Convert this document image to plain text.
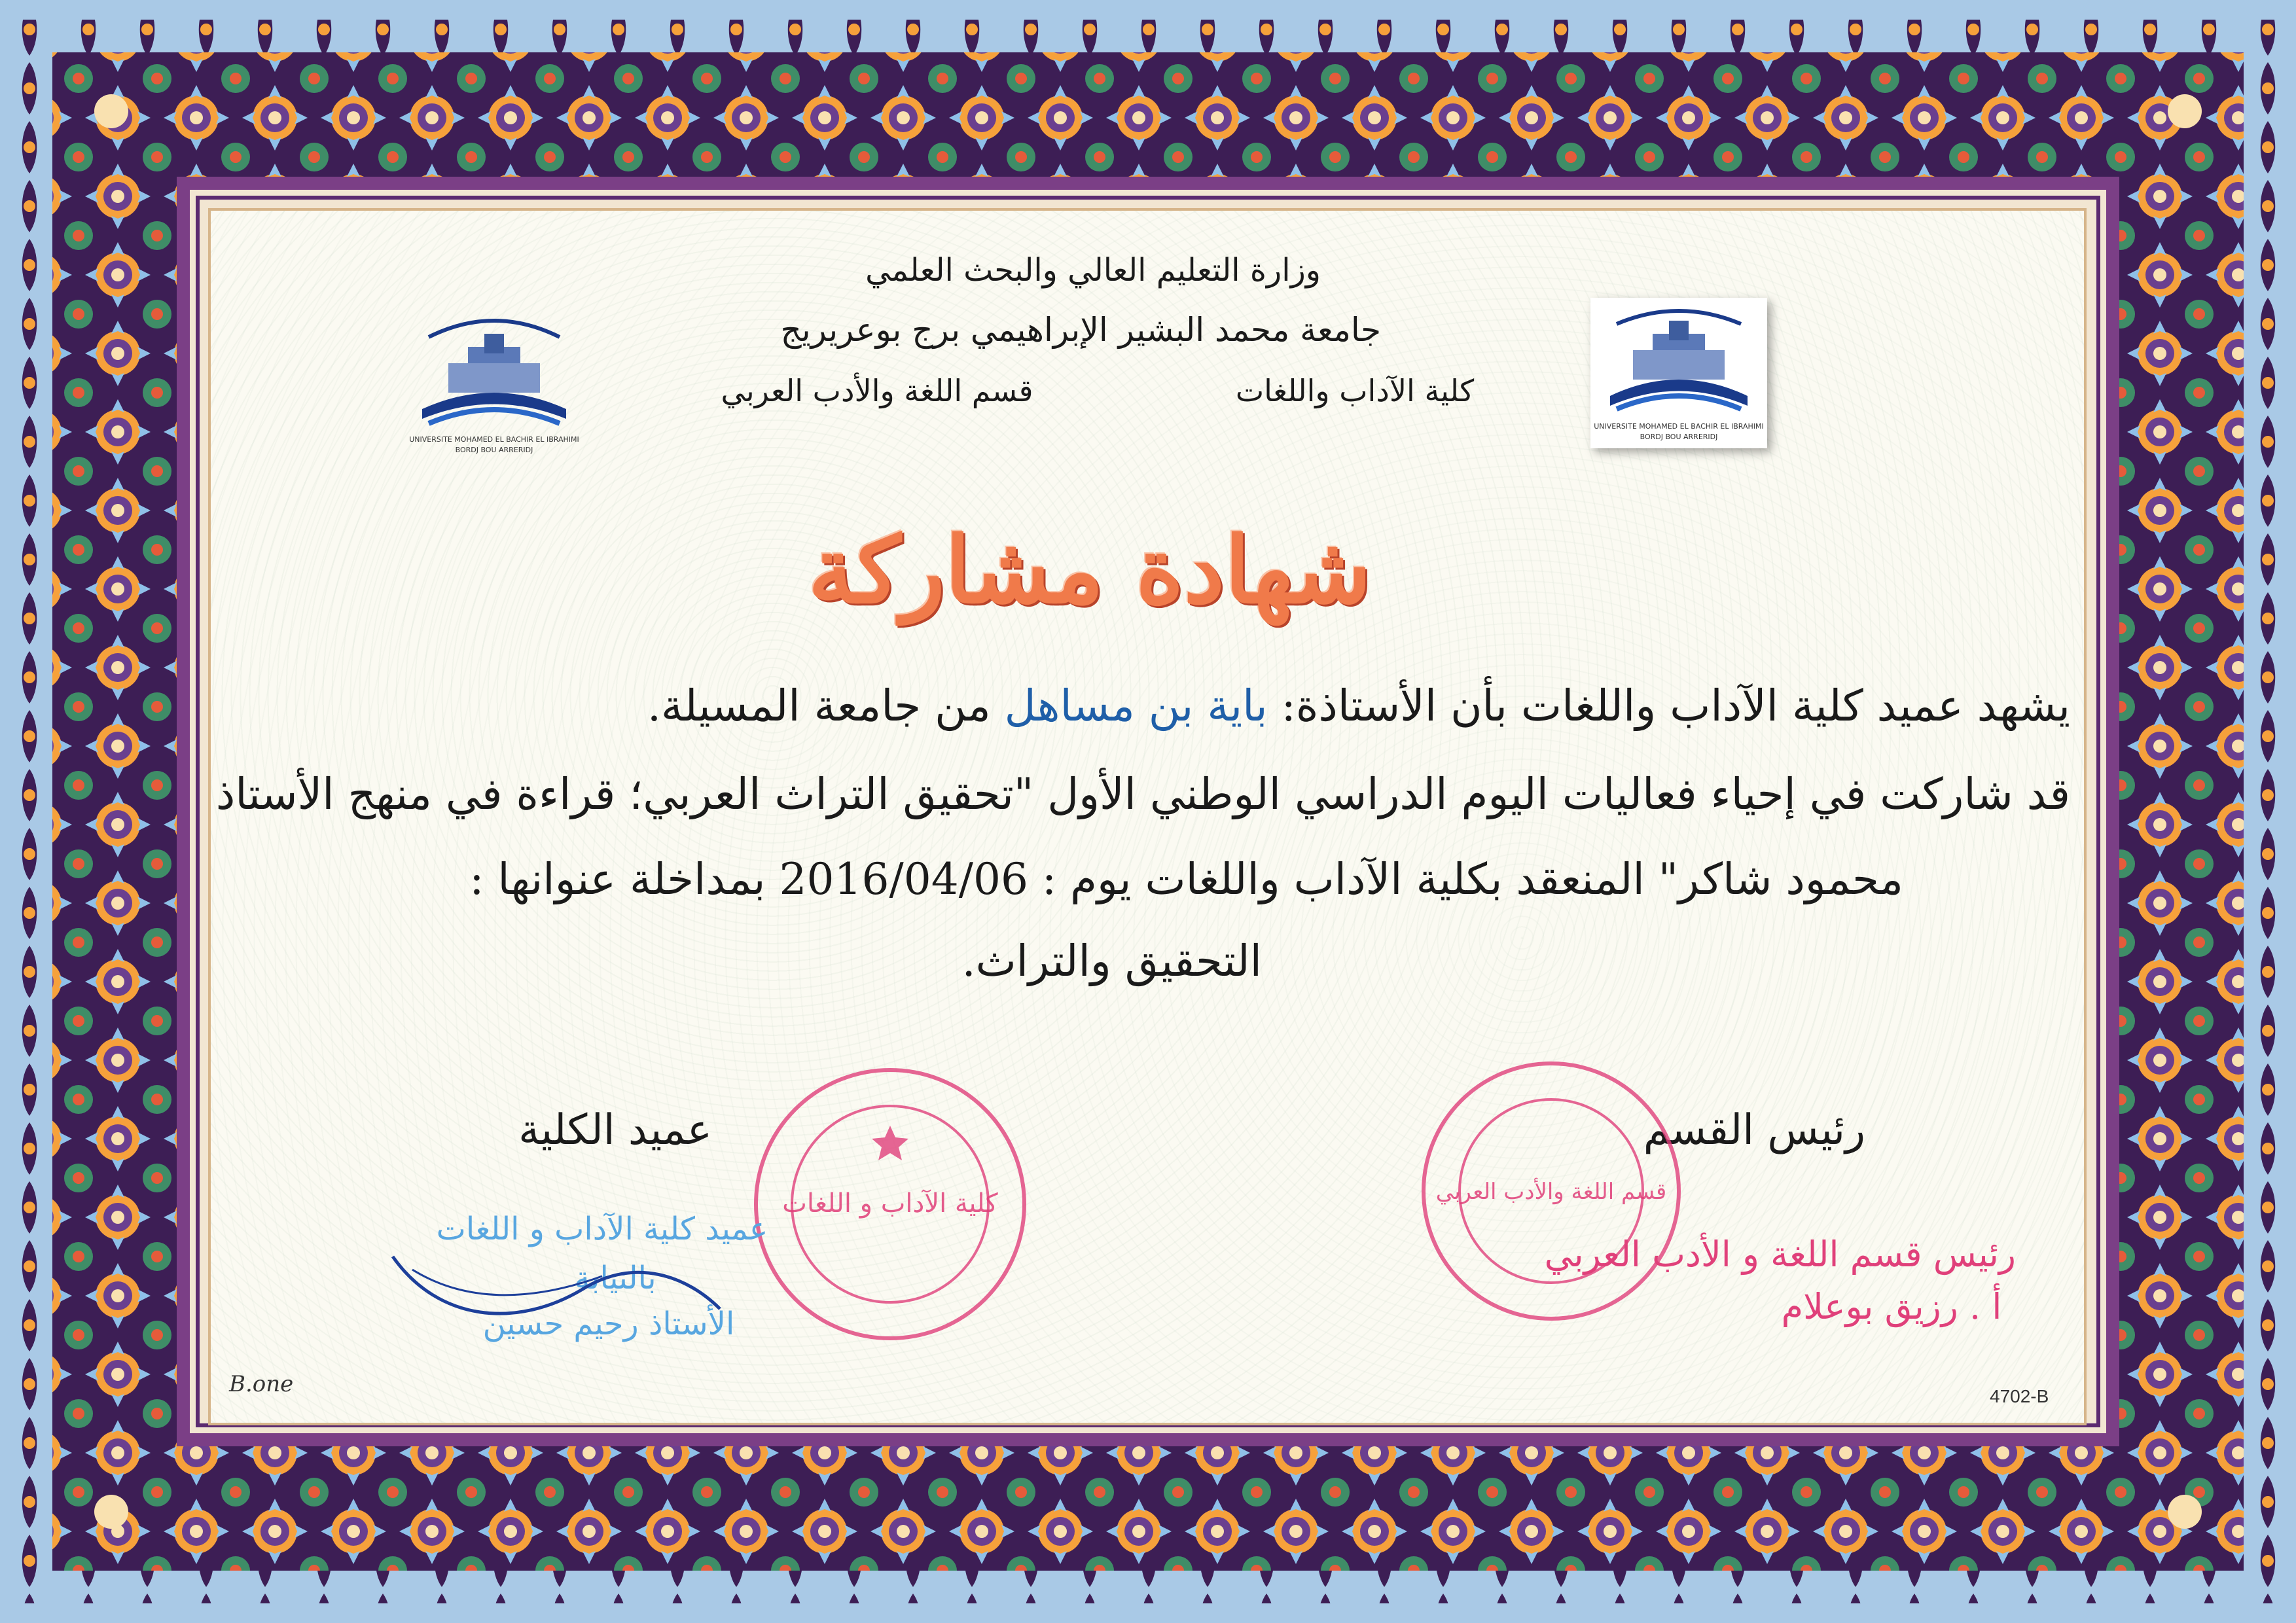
UNIVERSITE MOHAMED EL BACHIR EL IBRAHIMI
BORDJ BOU ARRERIDJ
UNIVERSITE MOHAMED EL BACHIR EL IBRAHIMI
BORDJ BOU ARRERIDJ
وزارة التعليم العالي والبحث العلمي
جامعة محمد البشير الإبراهيمي برج بوعريريج
كلية الآداب واللغات
قسم اللغة والأدب العربي
شهادة مشاركة
يشهد عميد كلية الآداب واللغات بأن الأستاذة: باية بن مساهل من جامعة المسيلة.
قد شاركت في إحياء فعاليات اليوم الدراسي الوطني الأول "تحقيق التراث العربي؛ قراءة في منهج الأستاذ
محمود شاكر" المنعقد بكلية الآداب واللغات يوم : 2016/04/06 بمداخلة عنوانها :
التحقيق والتراث.
عميد الكلية	رئيس القسم
كلية الآداب و اللغات	قسم اللغة والأدب العربي
عميد كلية الآداب و اللغات
بالنيابة
الأستاذ رحيم حسين
رئيس قسم اللغة و الأدب العربي
أ . رزيق بوعلام
B.one	4702-B
